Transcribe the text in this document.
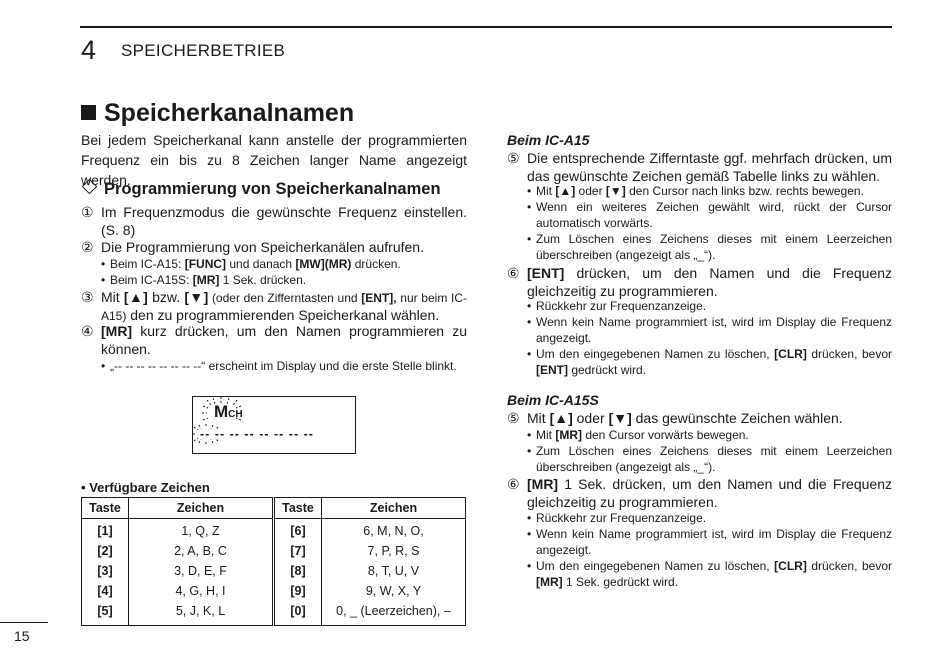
4 SPEICHERBETRIEB
Speicherkanalnamen
Bei jedem Speicherkanal kann anstelle der programmierten Frequenz ein bis zu 8 Zeichen langer Name angezeigt werden.
Programmierung von Speicherkanalnamen
① Im Frequenzmodus die gewünschte Frequenz einstellen. (S. 8)
② Die Programmierung von Speicherkanälen aufrufen.
• Beim IC-A15: [FUNC] und danach [MW](MR) drücken.
• Beim IC-A15S: [MR] 1 Sek. drücken.
③ Mit [▲] bzw. [▼] (oder den Zifferntasten und [ENT], nur beim IC-A15) den zu programmierenden Speicherkanal wählen.
④ [MR] kurz drücken, um den Namen programmieren zu können.
• „-- -- -- -- -- -- -- --“ erscheint im Display und die erste Stelle blinkt.
MCH
-- -- -- -- -- -- -- --
• Verfügbare Zeichen
Taste	Zeichen	Taste	Zeichen
[1]	1, Q, Z	[6]	6, M, N, O,
[2]	2, A, B, C	[7]	7, P, R, S
[3]	3, D, E, F	[8]	8, T, U, V
[4]	4, G, H, I	[9]	9, W, X, Y
[5]	5, J, K, L	[0]	0, _ (Leerzeichen), –
Beim IC-A15
⑤ Die entsprechende Zifferntaste ggf. mehrfach drücken, um das gewünschte Zeichen gemäß Tabelle links zu wählen.
• Mit [▲] oder [▼] den Cursor nach links bzw. rechts bewegen.
• Wenn ein weiteres Zeichen gewählt wird, rückt der Cursor automatisch vorwärts.
• Zum Löschen eines Zeichens dieses mit einem Leerzeichen überschreiben (angezeigt als „_“).
⑥ [ENT] drücken, um den Namen und die Frequenz gleichzeitig zu programmieren.
• Rückkehr zur Frequenzanzeige.
• Wenn kein Name programmiert ist, wird im Display die Frequenz angezeigt.
• Um den eingegebenen Namen zu löschen, [CLR] drücken, bevor [ENT] gedrückt wird.
Beim IC-A15S
⑤ Mit [▲] oder [▼] das gewünschte Zeichen wählen.
• Mit [MR] den Cursor vorwärts bewegen.
• Zum Löschen eines Zeichens dieses mit einem Leerzeichen überschreiben (angezeigt als „_“).
⑥ [MR] 1 Sek. drücken, um den Namen und die Frequenz gleichzeitig zu programmieren.
• Rückkehr zur Frequenzanzeige.
• Wenn kein Name programmiert ist, wird im Display die Frequenz angezeigt.
• Um den eingegebenen Namen zu löschen, [CLR] drücken, bevor [MR] 1 Sek. gedrückt wird.
15
